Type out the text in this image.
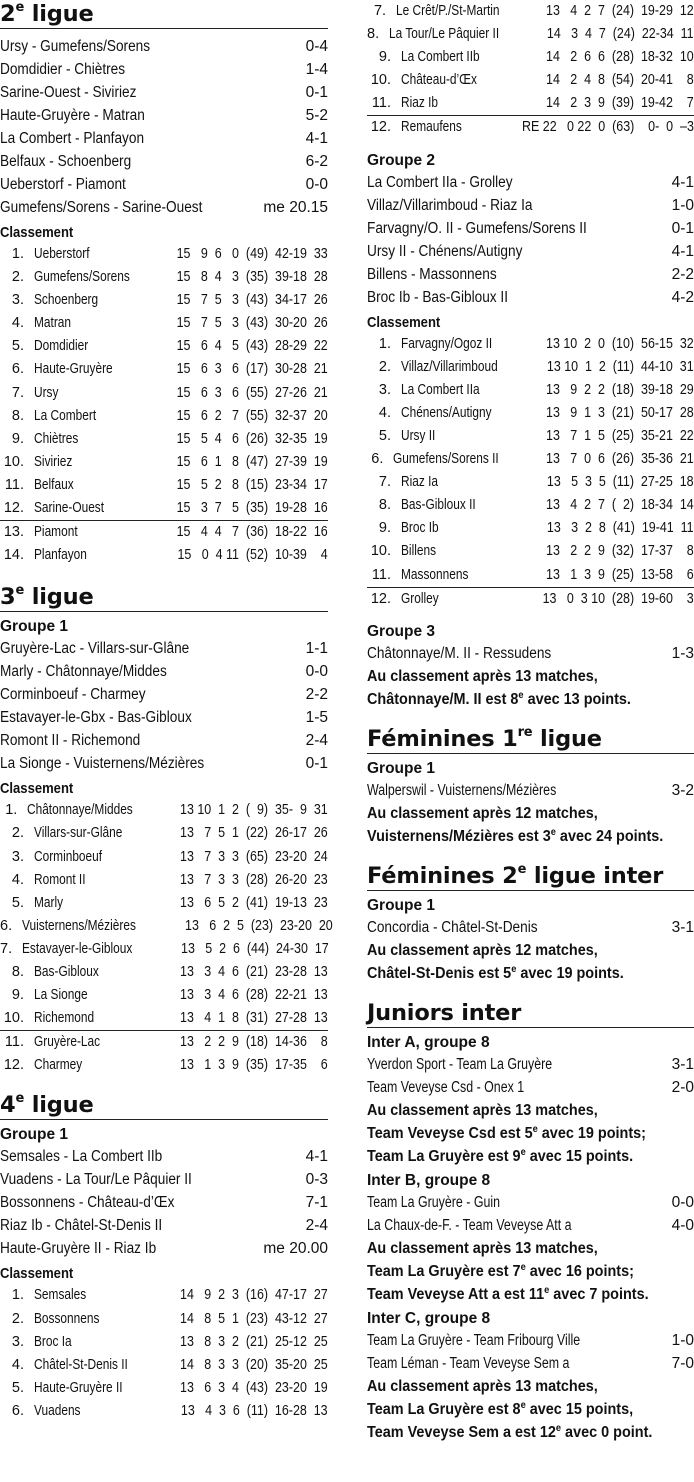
2e ligue
Ursy - Gumefens/Sorens	0-4
Domdidier - Chiètres	1-4
Sarine-Ouest - Siviriez	0-1
Haute-Gruyère - Matran	5-2
La Combert - Planfayon	4-1
Belfaux - Schoenberg	6-2
Ueberstorf - Piamont	0-0
Gumefens/Sorens - Sarine-Ouest	me 20.15
Classement
1. Ueberstorf	15   9  6   0  (49)  42-19  33
2. Gumefens/Sorens	15   8  4   3  (35)  39-18  28
3. Schoenberg	15   7  5   3  (43)  34-17  26
4. Matran	15   7  5   3  (43)  30-20  26
5. Domdidier	15   6  4   5  (43)  28-29  22
6. Haute-Gruyère	15   6  3   6  (17)  30-28  21
7. Ursy	15   6  3   6  (55)  27-26  21
8. La Combert	15   6  2   7  (55)  32-37  20
9. Chiètres	15   5  4   6  (26)  32-35  19
10. Siviriez	15   6  1   8  (47)  27-39  19
11. Belfaux	15   5  2   8  (15)  23-34  17
12. Sarine-Ouest	15   3  7   5  (35)  19-28  16
13. Piamont	15   4  4   7  (36)  18-22  16
14. Planfayon	15   0  4 11  (52)  10-39    4
3e ligue
Groupe 1
Gruyère-Lac - Villars-sur-Glâne	1-1
Marly - Châtonnaye/Middes	0-0
Corminboeuf - Charmey	2-2
Estavayer-le-Gbx - Bas-Gibloux	1-5
Romont II - Richemond	2-4
La Sionge - Vuisternens/Mézières	0-1
Classement
1. Châtonnaye/Middes	13 10  1  2  (  9)  35-  9  31
2. Villars-sur-Glâne	13   7  5  1  (22)  26-17  26
3. Corminboeuf	13   7  3  3  (65)  23-20  24
4. Romont II	13   7  3  3  (28)  26-20  23
5. Marly	13   6  5  2  (41)  19-13  23
6. Vuisternens/Mézières	13   6  2  5  (23)  23-20  20
7. Estavayer-le-Gibloux	13   5  2  6  (44)  24-30  17
8. Bas-Gibloux	13   3  4  6  (21)  23-28  13
9. La Sionge	13   3  4  6  (28)  22-21  13
10. Richemond	13   4  1  8  (31)  27-28  13
11. Gruyère-Lac	13   2  2  9  (18)  14-36    8
12. Charmey	13   1  3  9  (35)  17-35    6
4e ligue
Groupe 1
Semsales - La Combert IIb	4-1
Vuadens - La Tour/Le Pâquier II	0-3
Bossonnens - Château-d’Œx	7-1
Riaz Ib - Châtel-St-Denis II	2-4
Haute-Gruyère II - Riaz Ib	me 20.00
Classement
1. Semsales	14   9  2  3  (16)  47-17  27
2. Bossonnens	14   8  5  1  (23)  43-12  27
3. Broc Ia	13   8  3  2  (21)  25-12  25
4. Châtel-St-Denis II	14   8  3  3  (20)  35-20  25
5. Haute-Gruyère II	13   6  3  4  (43)  23-20  19
6. Vuadens	13   4  3  6  (11)  16-28  13
7. Le Crêt/P./St-Martin	13   4  2  7  (24)  19-29  12
8. La Tour/Le Pâquier II	14   3  4  7  (24)  22-34  11
9. La Combert IIb	14   2  6  6  (28)  18-32  10
10. Château-d’Œx	14   2  4  8  (54)  20-41    8
11. Riaz Ib	14   2  3  9  (39)  19-42    7
12. Remaufens	RE 22   0 22  0  (63)    0-  0  –3
Groupe 2
La Combert IIa - Grolley	4-1
Villaz/Villarimboud - Riaz Ia	1-0
Farvagny/O. II - Gumefens/Sorens II	0-1
Ursy II - Chénens/Autigny	4-1
Billens - Massonnens	2-2
Broc Ib - Bas-Gibloux II	4-2
Classement
1. Farvagny/Ogoz II	13 10  2  0  (10)  56-15  32
2. Villaz/Villarimboud	13 10  1  2  (11)  44-10  31
3. La Combert IIa	13   9  2  2  (18)  39-18  29
4. Chénens/Autigny	13   9  1  3  (21)  50-17  28
5. Ursy II	13   7  1  5  (25)  35-21  22
6. Gumefens/Sorens II	13   7  0  6  (26)  35-36  21
7. Riaz Ia	13   5  3  5  (11)  27-25  18
8. Bas-Gibloux II	13   4  2  7  (  2)  18-34  14
9. Broc Ib	13   3  2  8  (41)  19-41  11
10. Billens	13   2  2  9  (32)  17-37    8
11. Massonnens	13   1  3  9  (25)  13-58    6
12. Grolley	13   0  3 10  (28)  19-60    3
Groupe 3
Châtonnaye/M. II - Ressudens	1-3
Au classement après 13 matches,
Châtonnaye/M. II est 8e avec 13 points.
Féminines 1re ligue
Groupe 1
Walperswil - Vuisternens/Mézières	3-2
Au classement après 12 matches,
Vuisternens/Mézières est 3e avec 24 points.
Féminines 2e ligue inter
Groupe 1
Concordia - Châtel-St-Denis	3-1
Au classement après 12 matches,
Châtel-St-Denis est 5e avec 19 points.
Juniors inter
Inter A, groupe 8
Yverdon Sport - Team La Gruyère	3-1
Team Veveyse Csd - Onex 1	2-0
Au classement après 13 matches,
Team Veveyse Csd est 5e avec 19 points;
Team La Gruyère est 9e avec 15 points.
Inter B, groupe 8
Team La Gruyère - Guin	0-0
La Chaux-de-F. - Team Veveyse Att a	4-0
Au classement après 13 matches,
Team La Gruyère est 7e avec 16 points;
Team Veveyse Att a est 11e avec 7 points.
Inter C, groupe 8
Team La Gruyère - Team Fribourg Ville	1-0
Team Léman - Team Veveyse Sem a	7-0
Au classement après 13 matches,
Team La Gruyère est 8e avec 15 points,
Team Veveyse Sem a est 12e avec 0 point.
